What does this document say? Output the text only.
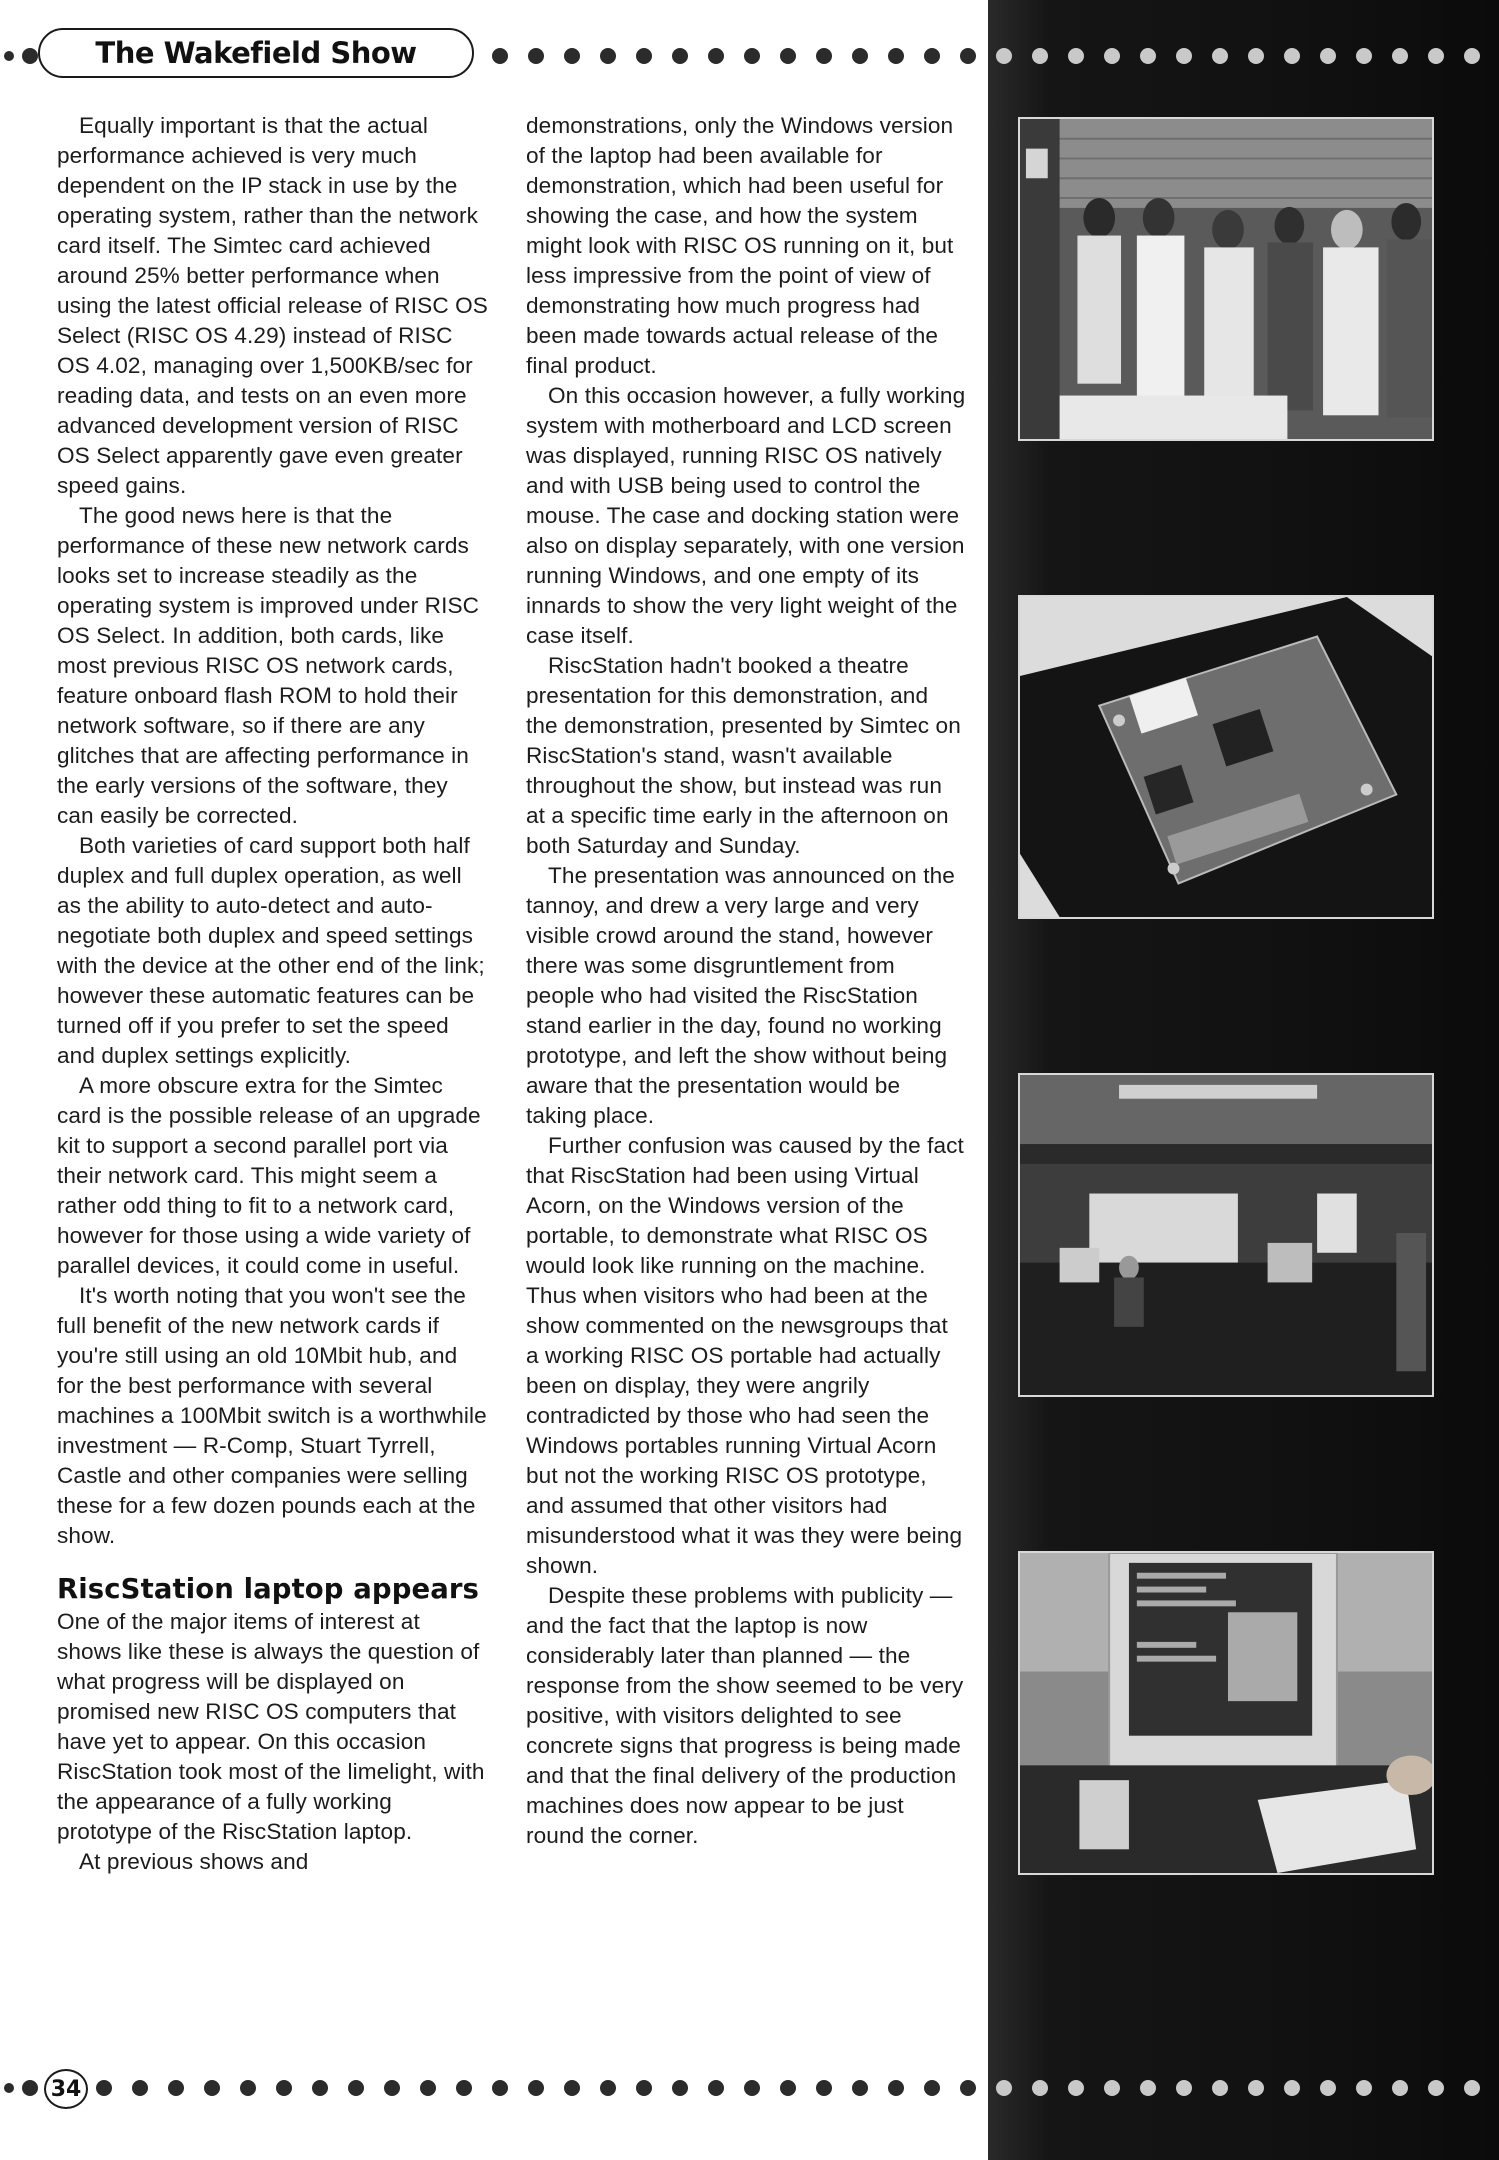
The Wakefield Show

Equally important is that the actual performance achieved is very much dependent on the IP stack in use by the operating system, rather than the network card itself. The Simtec card achieved around 25% better performance when using the latest official release of RISC OS Select (RISC OS 4.29) instead of RISC OS 4.02, managing over 1,500KB/sec for reading data, and tests on an even more advanced development version of RISC OS Select apparently gave even greater speed gains.

The good news here is that the performance of these new network cards looks set to increase steadily as the operating system is improved under RISC OS Select. In addition, both cards, like most previous RISC OS network cards, feature onboard flash ROM to hold their network software, so if there are any glitches that are affecting performance in the early versions of the software, they can easily be corrected.

Both varieties of card support both half duplex and full duplex operation, as well as the ability to auto-detect and auto-negotiate both duplex and speed settings with the device at the other end of the link; however these automatic features can be turned off if you prefer to set the speed and duplex settings explicitly.

A more obscure extra for the Simtec card is the possible release of an upgrade kit to support a second parallel port via their network card. This might seem a rather odd thing to fit to a network card, however for those using a wide variety of parallel devices, it could come in useful.

It's worth noting that you won't see the full benefit of the new network cards if you're still using an old 10Mbit hub, and for the best performance with several machines a 100Mbit switch is a worthwhile investment — R-Comp, Stuart Tyrrell, Castle and other companies were selling these for a few dozen pounds each at the show.

RiscStation laptop appears

One of the major items of interest at shows like these is always the question of what progress will be displayed on promised new RISC OS computers that have yet to appear. On this occasion RiscStation took most of the limelight, with the appearance of a fully working prototype of the RiscStation laptop.

At previous shows and

demonstrations, only the Windows version of the laptop had been available for demonstration, which had been useful for showing the case, and how the system might look with RISC OS running on it, but less impressive from the point of view of demonstrating how much progress had been made towards actual release of the final product.

On this occasion however, a fully working system with motherboard and LCD screen was displayed, running RISC OS natively and with USB being used to control the mouse. The case and docking station were also on display separately, with one version running Windows, and one empty of its innards to show the very light weight of the case itself.

RiscStation hadn't booked a theatre presentation for this demonstration, and the demonstration, presented by Simtec on RiscStation's stand, wasn't available throughout the show, but instead was run at a specific time early in the afternoon on both Saturday and Sunday.

The presentation was announced on the tannoy, and drew a very large and very visible crowd around the stand, however there was some disgruntlement from people who had visited the RiscStation stand earlier in the day, found no working prototype, and left the show without being aware that the presentation would be taking place.

Further confusion was caused by the fact that RiscStation had been using Virtual Acorn, on the Windows version of the portable, to demonstrate what RISC OS would look like running on the machine. Thus when visitors who had been at the show commented on the newsgroups that a working RISC OS portable had actually been on display, they were angrily contradicted by those who had seen the Windows portables running Virtual Acorn but not the working RISC OS prototype, and assumed that other visitors had misunderstood what it was they were being shown.

Despite these problems with publicity — and the fact that the laptop is now considerably later than planned — the response from the show seemed to be very positive, with visitors delighted to see concrete signs that progress is being made and that the final delivery of the production machines does now appear to be just round the corner.

34
